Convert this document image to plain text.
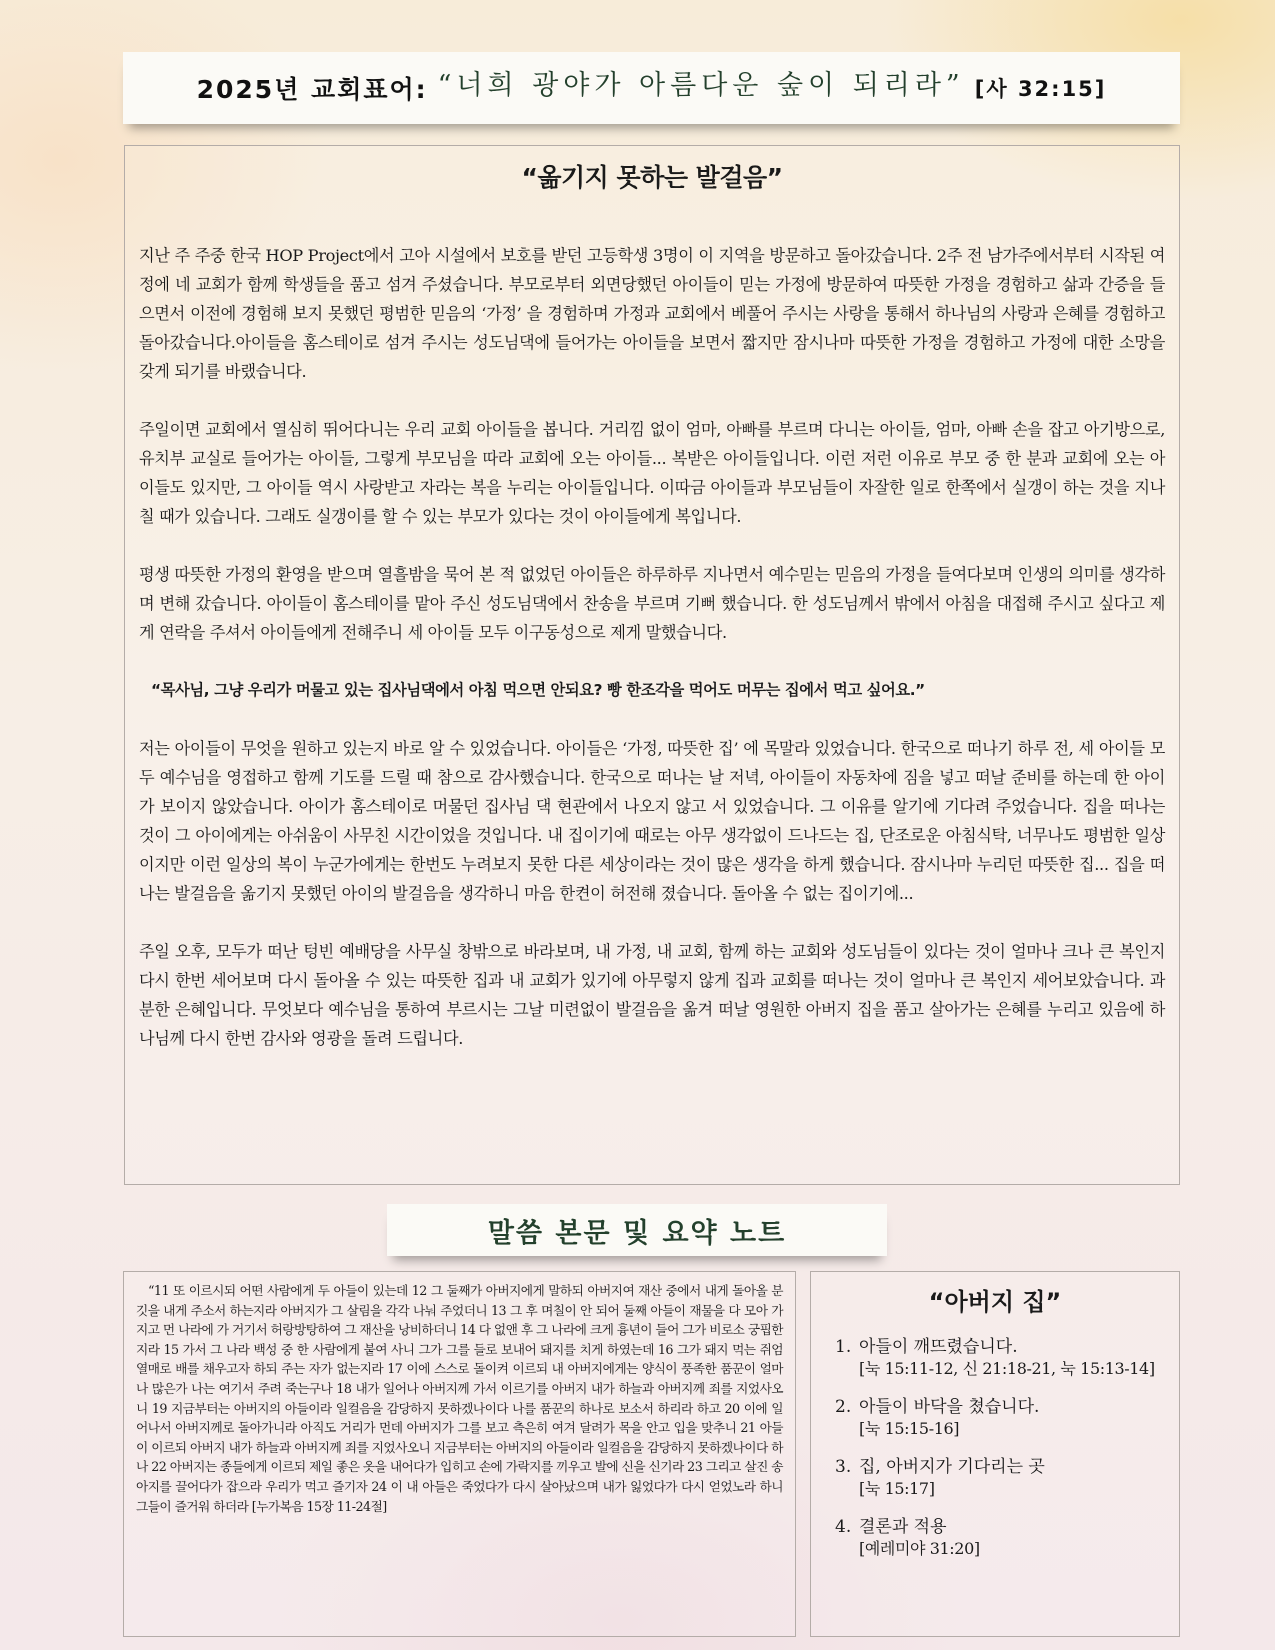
2025년 교회표어: “너희 광야가 아름다운 숲이 되리라” [사 32:15]
“옮기지 못하는 발걸음”

지난 주 주중 한국 HOP Project에서 고아 시설에서 보호를 받던 고등학생 3명이 이 지역을 방문하고 돌아갔습니다. 2주 전 남가주에서부터 시작된 여정에 네 교회가 함께 학생들을 품고 섬겨 주셨습니다. 부모로부터 외면당했던 아이들이 믿는 가정에 방문하여 따뜻한 가정을 경험하고 삶과 간증을 들으면서 이전에 경험해 보지 못했던 평범한 믿음의 ‘가정’ 을 경험하며 가정과 교회에서 베풀어 주시는 사랑을 통해서 하나님의 사랑과 은혜를 경험하고 돌아갔습니다.아이들을 홈스테이로 섬겨 주시는 성도님댁에 들어가는 아이들을 보면서 짧지만 잠시나마 따뜻한 가정을 경험하고 가정에 대한 소망을 갖게 되기를 바랬습니다.

주일이면 교회에서 열심히 뛰어다니는 우리 교회 아이들을 봅니다. 거리낌 없이 엄마, 아빠를 부르며 다니는 아이들, 엄마, 아빠 손을 잡고 아기방으로, 유치부 교실로 들어가는 아이들, 그렇게 부모님을 따라 교회에 오는 아이들... 복받은 아이들입니다. 이런 저런 이유로 부모 중 한 분과 교회에 오는 아이들도 있지만, 그 아이들 역시 사랑받고 자라는 복을 누리는 아이들입니다. 이따금 아이들과 부모님들이 자잘한 일로 한쪽에서 실갱이 하는 것을 지나칠 때가 있습니다. 그래도 실갱이를 할 수 있는 부모가 있다는 것이 아이들에게 복입니다.

평생 따뜻한 가정의 환영을 받으며 열흘밤을 묵어 본 적 없었던 아이들은 하루하루 지나면서 예수믿는 믿음의 가정을 들여다보며 인생의 의미를 생각하며 변해 갔습니다. 아이들이 홈스테이를 맡아 주신 성도님댁에서 찬송을 부르며 기뻐 했습니다. 한 성도님께서 밖에서 아침을 대접해 주시고 싶다고 제게 연락을 주셔서 아이들에게 전해주니 세 아이들 모두 이구동성으로 제게 말했습니다.

“목사님, 그냥 우리가 머물고 있는 집사님댁에서 아침 먹으면 안되요? 빵 한조각을 먹어도 머무는 집에서 먹고 싶어요.”

저는 아이들이 무엇을 원하고 있는지 바로 알 수 있었습니다. 아이들은 ‘가정, 따뜻한 집’ 에 목말라 있었습니다. 한국으로 떠나기 하루 전, 세 아이들 모두 예수님을 영접하고 함께 기도를 드릴 때 참으로 감사했습니다. 한국으로 떠나는 날 저녁, 아이들이 자동차에 짐을 넣고 떠날 준비를 하는데 한 아이가 보이지 않았습니다. 아이가 홈스테이로 머물던 집사님 댁 현관에서 나오지 않고 서 있었습니다. 그 이유를 알기에 기다려 주었습니다. 집을 떠나는 것이 그 아이에게는 아쉬움이 사무친 시간이었을 것입니다. 내 집이기에 때로는 아무 생각없이 드나드는 집, 단조로운 아침식탁, 너무나도 평범한 일상이지만 이런 일상의 복이 누군가에게는 한번도 누려보지 못한 다른 세상이라는 것이 많은 생각을 하게 했습니다. 잠시나마 누리던 따뜻한 집... 집을 떠나는 발걸음을 옮기지 못했던 아이의 발걸음을 생각하니 마음 한켠이 허전해 졌습니다. 돌아올 수 없는 집이기에...

주일 오후, 모두가 떠난 텅빈 예배당을 사무실 창밖으로 바라보며, 내 가정, 내 교회, 함께 하는 교회와 성도님들이 있다는 것이 얼마나 크나 큰 복인지 다시 한번 세어보며 다시 돌아올 수 있는 따뜻한 집과 내 교회가 있기에 아무렇지 않게 집과 교회를 떠나는 것이 얼마나 큰 복인지 세어보았습니다. 과분한 은혜입니다. 무엇보다 예수님을 통하여 부르시는 그날 미련없이 발걸음을 옮겨 떠날 영원한 아버지 집을 품고 살아가는 은혜를 누리고 있음에 하나님께 다시 한번 감사와 영광을 돌려 드립니다.

말씀 본문 및 요약 노트

“11 또 이르시되 어떤 사람에게 두 아들이 있는데 12 그 둘째가 아버지에게 말하되 아버지여 재산 중에서 내게 돌아올 분깃을 내게 주소서 하는지라 아버지가 그 살림을 각각 나눠 주었더니 13 그 후 며칠이 안 되어 둘째 아들이 재물을 다 모아 가지고 먼 나라에 가 거기서 허랑방탕하여 그 재산을 낭비하더니 14 다 없앤 후 그 나라에 크게 흉년이 들어 그가 비로소 궁핍한지라 15 가서 그 나라 백성 중 한 사람에게 붙여 사니 그가 그를 들로 보내어 돼지를 치게 하였는데 16 그가 돼지 먹는 쥐엄 열매로 배를 채우고자 하되 주는 자가 없는지라 17 이에 스스로 돌이켜 이르되 내 아버지에게는 양식이 풍족한 품꾼이 얼마나 많은가 나는 여기서 주려 죽는구나 18 내가 일어나 아버지께 가서 이르기를 아버지 내가 하늘과 아버지께 죄를 지었사오니 19 지금부터는 아버지의 아들이라 일컬음을 감당하지 못하겠나이다 나를 품꾼의 하나로 보소서 하리라 하고 20 이에 일어나서 아버지께로 돌아가니라 아직도 거리가 먼데 아버지가 그를 보고 측은히 여겨 달려가 목을 안고 입을 맞추니 21 아들이 이르되 아버지 내가 하늘과 아버지께 죄를 지었사오니 지금부터는 아버지의 아들이라 일컬음을 감당하지 못하겠나이다 하나 22 아버지는 종들에게 이르되 제일 좋은 옷을 내어다가 입히고 손에 가락지를 끼우고 발에 신을 신기라 23 그리고 살진 송아지를 끌어다가 잡으라 우리가 먹고 즐기자 24 이 내 아들은 죽었다가 다시 살아났으며 내가 잃었다가 다시 얻었노라 하니 그들이 즐거워 하더라 [누가복음 15장 11-24절]

“아버지 집”
1. 아들이 깨뜨렸습니다.
[눅 15:11-12, 신 21:18-21, 눅 15:13-14]
2. 아들이 바닥을 쳤습니다.
[눅 15:15-16]
3. 집, 아버지가 기다리는 곳
[눅 15:17]
4. 결론과 적용
[예레미야 31:20]
